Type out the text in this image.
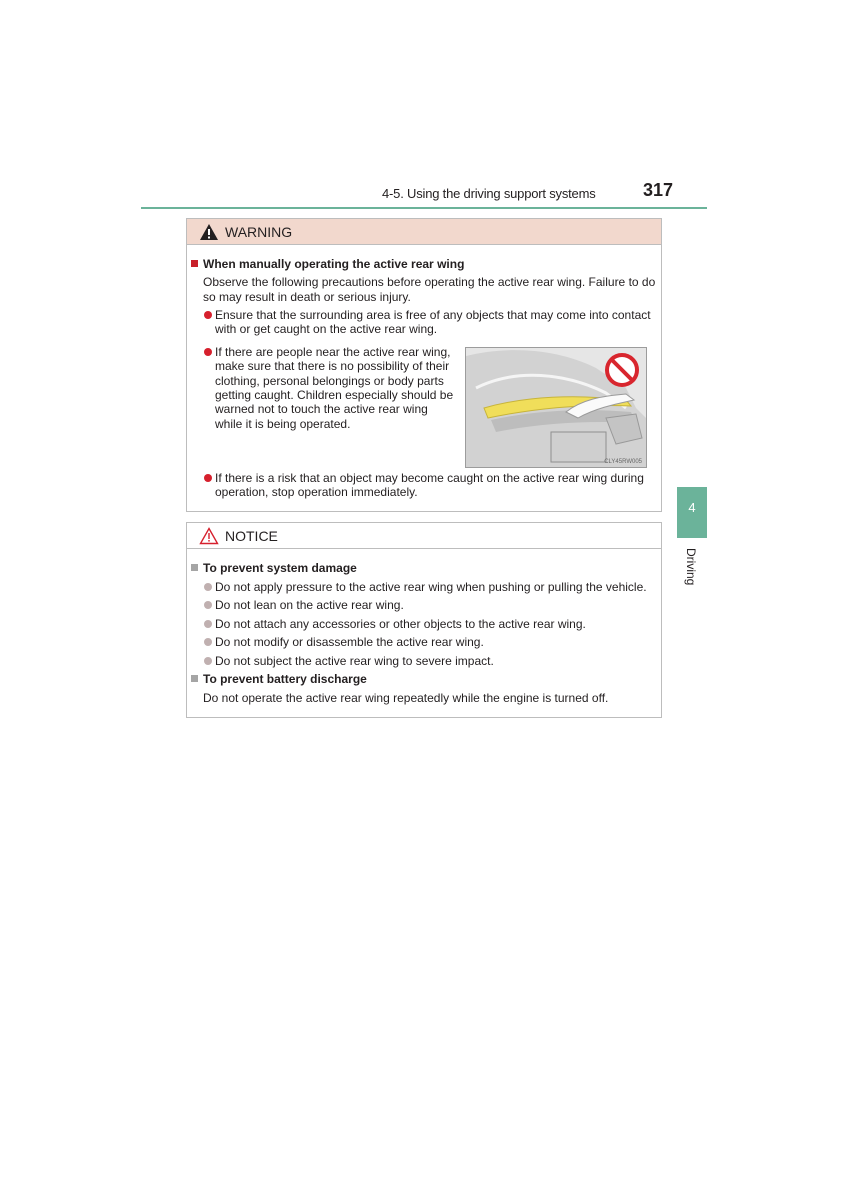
4-5. Using the driving support systems	317
4
Driving
WARNING
When manually operating the active rear wing
Observe the following precautions before operating the active rear wing. Failure to do
so may result in death or serious injury.
Ensure that the surrounding area is free of any objects that may come into contact
with or get caught on the active rear wing.
If there are people near the active rear wing,
make sure that there is no possibility of their
clothing, personal belongings or body parts
getting caught. Children especially should be
warned not to touch the active rear wing
while it is being operated.
CLY45RW005
If there is a risk that an object may become caught on the active rear wing during
operation, stop operation immediately.
NOTICE
To prevent system damage
Do not apply pressure to the active rear wing when pushing or pulling the vehicle.
Do not lean on the active rear wing.
Do not attach any accessories or other objects to the active rear wing.
Do not modify or disassemble the active rear wing.
Do not subject the active rear wing to severe impact.
To prevent battery discharge
Do not operate the active rear wing repeatedly while the engine is turned off.
